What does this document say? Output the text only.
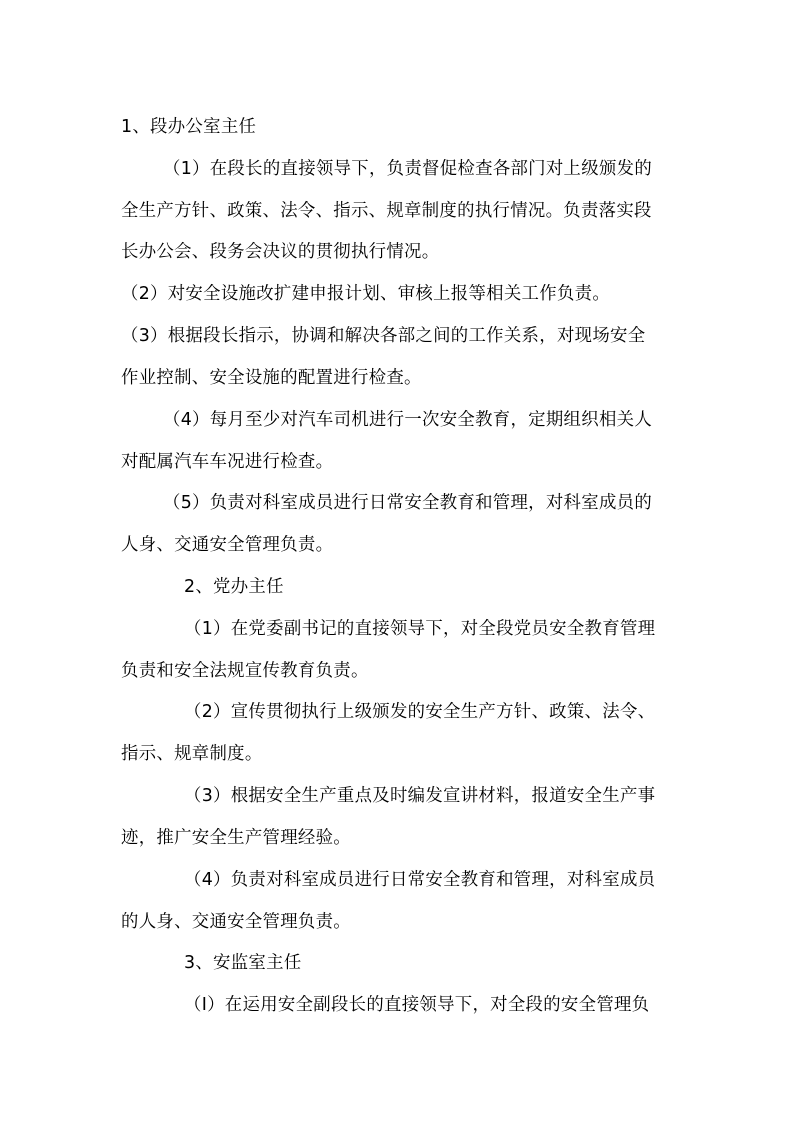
1、段办公室主任
（1）在段长的直接领导下，负责督促检查各部门对上级颁发的
全生产方针、政策、法令、指示、规章制度的执行情况。负责落实段
长办公会、段务会决议的贯彻执行情况。
（2）对安全设施改扩建申报计划、审核上报等相关工作负责。
（3）根据段长指示，协调和解决各部之间的工作关系，对现场安全
作业控制、安全设施的配置进行检查。
（4）每月至少对汽车司机进行一次安全教育，定期组织相关人
对配属汽车车况进行检查。
（5）负责对科室成员进行日常安全教育和管理，对科室成员的
人身、交通安全管理负责。
2、党办主任
（1）在党委副书记的直接领导下，对全段党员安全教育管理
负责和安全法规宣传教育负责。
（2）宣传贯彻执行上级颁发的安全生产方针、政策、法令、
指示、规章制度。
（3）根据安全生产重点及时编发宣讲材料，报道安全生产事
迹，推广安全生产管理经验。
（4）负责对科室成员进行日常安全教育和管理，对科室成员
的人身、交通安全管理负责。
3、安监室主任
（Ⅰ）在运用安全副段长的直接领导下，对全段的安全管理负
